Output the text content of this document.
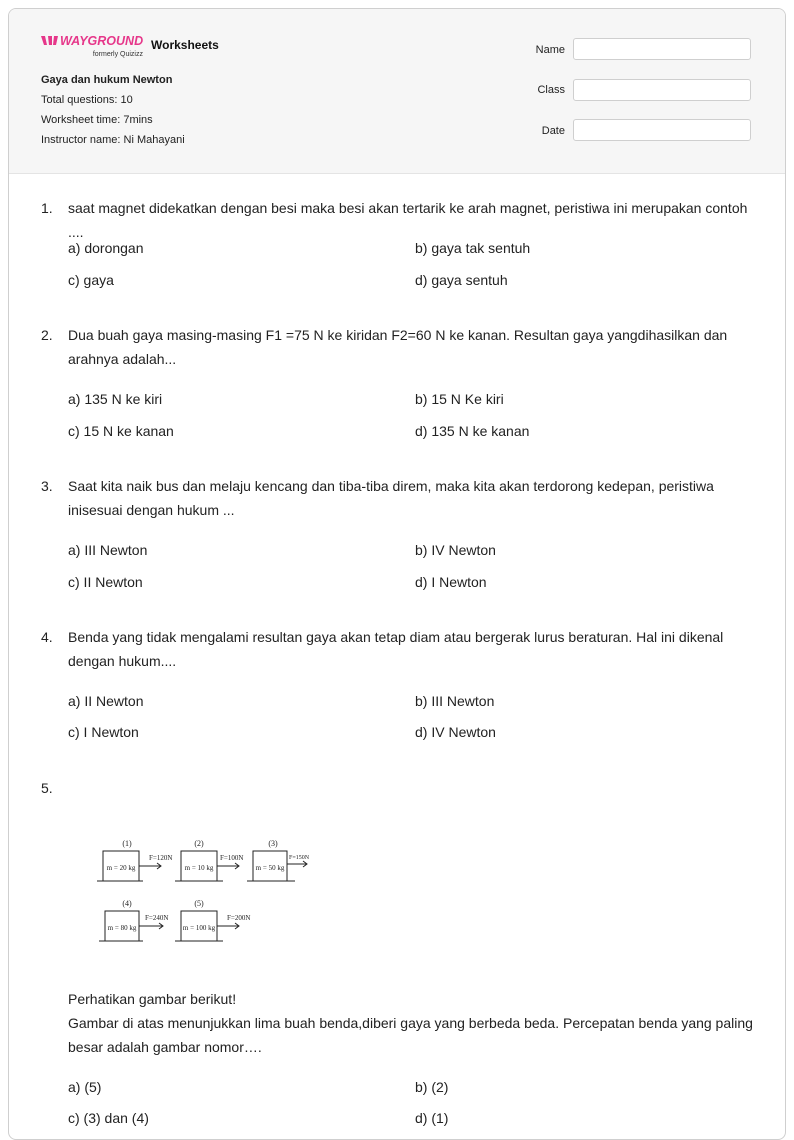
WAYGROUND
formerly Quizizz
Worksheets
Gaya dan hukum Newton
Total questions: 10
Worksheet time: 7mins
Instructor name: Ni Mahayani
Name
Class
Date
1. saat magnet didekatkan dengan besi maka besi akan tertarik ke arah magnet, peristiwa ini merupakan contoh ....
a) dorongan	b) gaya tak sentuh
c) gaya	d) gaya sentuh
2. Dua buah gaya masing-masing F1 =75 N ke kiridan F2=60 N ke kanan. Resultan gaya yangdihasilkan dan arahnya adalah...
a) 135 N ke kiri	b) 15 N Ke kiri
c) 15 N ke kanan	d) 135 N ke kanan
3. Saat kita naik bus dan melaju kencang dan tiba-tiba direm, maka kita akan terdorong kedepan, peristiwa inisesuai dengan hukum ...
a) III Newton	b) IV Newton
c) II Newton	d) I Newton
4. Benda yang tidak mengalami resultan gaya akan tetap diam atau bergerak lurus beraturan. Hal ini dikenal dengan hukum....
a) II Newton	b) III Newton
c) I Newton	d) IV Newton
5.
(1)
m = 20 kg
F=120N
(2)
m = 10 kg
F=100N
(3)
m = 50 kg
F=150N
(4)
m = 80 kg
F=240N
(5)
m = 100 kg
F=200N
Perhatikan gambar berikut!
Gambar di atas menunjukkan lima buah benda,diberi gaya yang berbeda beda. Percepatan benda yang paling besar adalah gambar nomor….
a) (5)	b) (2)
c) (3) dan (4)	d) (1)
